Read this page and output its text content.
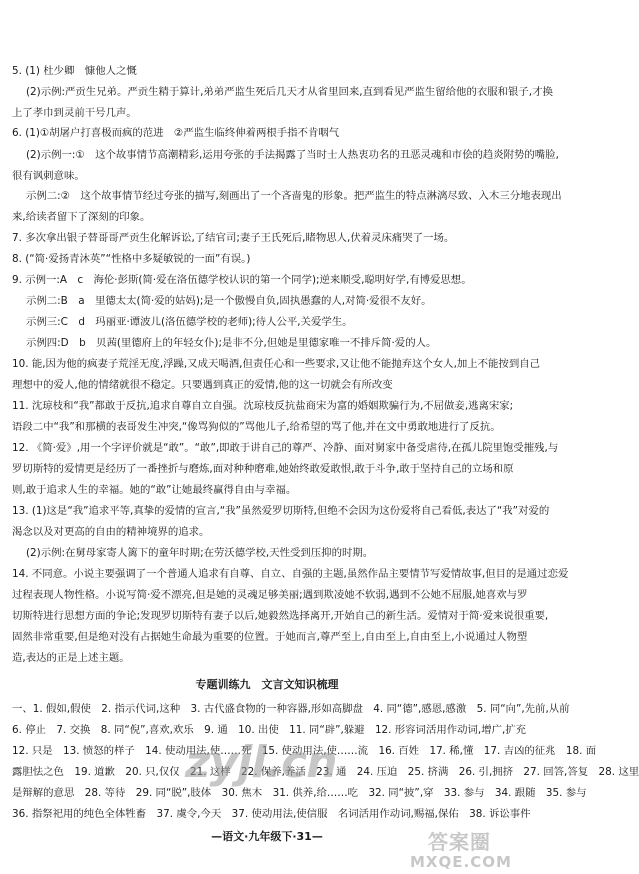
5. (1) 杜少卿　慷他人之慨
(2)示例:严贡生兄弟。严贡生精于算计,弟弟严监生死后几天才从省里回来,直到看见严监生留给他的衣服和银子,才换
上了孝巾到灵前干号几声。
6. (1)①胡屠户打喜极而疯的范进　②严监生临终伸着两根手指不肯咽气
(2)示例一:①　这个故事情节高潮精彩,运用夸张的手法揭露了当时士人热衷功名的丑恶灵魂和市侩的趋炎附势的嘴脸,
很有讽刺意味。
示例二:②　这个故事情节经过夸张的描写,刻画出了一个吝啬鬼的形象。把严监生的特点淋漓尽致、入木三分地表现出
来,给读者留下了深刻的印象。
7. 多次拿出银子替哥哥严贡生化解诉讼,了结官司;妻子王氏死后,睹物思人,伏着灵床痛哭了一场。
8. (“简·爱扬青沐英”“性格中多疑敏锐的一面”有误。)
9. 示例一:A　c　海伦·彭斯(简·爱在洛伍德学校认识的第一个同学);逆来顺受,聪明好学,有博爱思想。
示例二:B　a　里德太太(简·爱的姑妈);是一个傲慢自负,固执愚蠢的人,对简·爱很不友好。
示例三:C　d　玛丽亚·谭波儿(洛伍德学校的老师);待人公平,关爱学生。
示例四:D　b　贝茜(里德府上的年轻女仆);是非不分,但她是里德家唯一不排斥简·爱的人。
10. 能,因为他的疯妻子荒淫无度,浮躁,又成天喝酒,但责任心和一些要求,又让他不能抛弃这个女人,加上不能按到自己
理想中的爱人,他的情绪就很不稳定。只要遇到真正的爱情,他的这一切就会有所改变
11. 沈琼枝和“我”都敢于反抗,追求自尊自立自强。沈琼枝反抗盐商宋为富的婚姻欺骗行为,不屈做妾,逃离宋家;
语段二中“我”和那横的表哥发生冲突,“像骂狗似的”骂他儿子,给希望的骂了他,并在文中勇敢地进行了反抗。
12. 《简·爱》,用一个字评价就是“敢”。“敢”,即敢于讲自己的尊严、冷静、面对舅家中备受虐待,在孤儿院里饱受摧残,与
罗切斯特的爱情更是经历了一番挫折与磨炼,面对种种磨难,她始终敢爱敢恨,敢于斗争,敢于坚持自己的立场和原
则,敢于追求人生的幸福。她的“敢”让她最终赢得自由与幸福。
13. (1)这是“我”追求平等,真挚的爱情的宣言,“我”虽然爱罗切斯特,但绝不会因为这份爱将自己看低,表达了“我”对爱的
渴念以及对更高的自由的精神境界的追求。
(2)示例:在舅母家寄人篱下的童年时期;在劳沃德学校,天性受到压抑的时期。
14. 不同意。小说主要强调了一个普通人追求有自尊、自立、自强的主题,虽然作品主要情节写爱情故事,但目的是通过恋爱
过程表现人物性格。小说写简·爱不漂亮,但是她的灵魂足够美丽;遇到欺凌她不软弱,遇到不公她不屈服,她喜欢与罗
切斯特进行思想方面的争论;发现罗切斯特有妻子以后,她毅然选择离开,开始自己的新生活。爱情对于简·爱来说很重要,
固然非常重要,但是绝对没有占据她生命最为重要的位置。于她而言,尊严至上,自由至上,自由至上,小说通过人物塑
造,表达的正是上述主题。
专题训练九　文言文知识梳理
一、1. 假如,假使　2. 指示代词,这种　3. 古代盛食物的一种容器,形如高脚盘　4. 同“德”,感恩,感激　5. 同“向”,先前,从前
6. 停止　7. 交换　8. 同“倪”,喜欢,欢乐　9. 通　10. 出使　11. 同“辟”,躲避　12. 形容词活用作动词,增广,扩充
12. 只是　13. 愤怒的样子　14. 使动用法,使……死　15. 使动用法,使……流　16. 百姓　17. 稀,懂　17. 吉凶的征兆　18. 面
露胆怯之色　19. 道歉　20. 只,仅仅　21. 这样　22. 保养,养活　23. 通　24. 压迫　25. 挤满　26. 引,拥挤　27. 回答,答复　28. 这里
是辩解的意思　28. 等待　29. 同“脱”,肢体　30. 焦木　31. 供养,给……吃　32. 同“披”,穿　33. 参与　34. 跟随　35. 参与
36. 指祭祀用的纯色全体牲畜　37. 虞令,今天　37. 使动用法,使信服　名词活用作动词,赐福,保佑　38. 诉讼事件
—语文·九年级下·31—
zyjl.cn
答案圈
MXQE.COM
